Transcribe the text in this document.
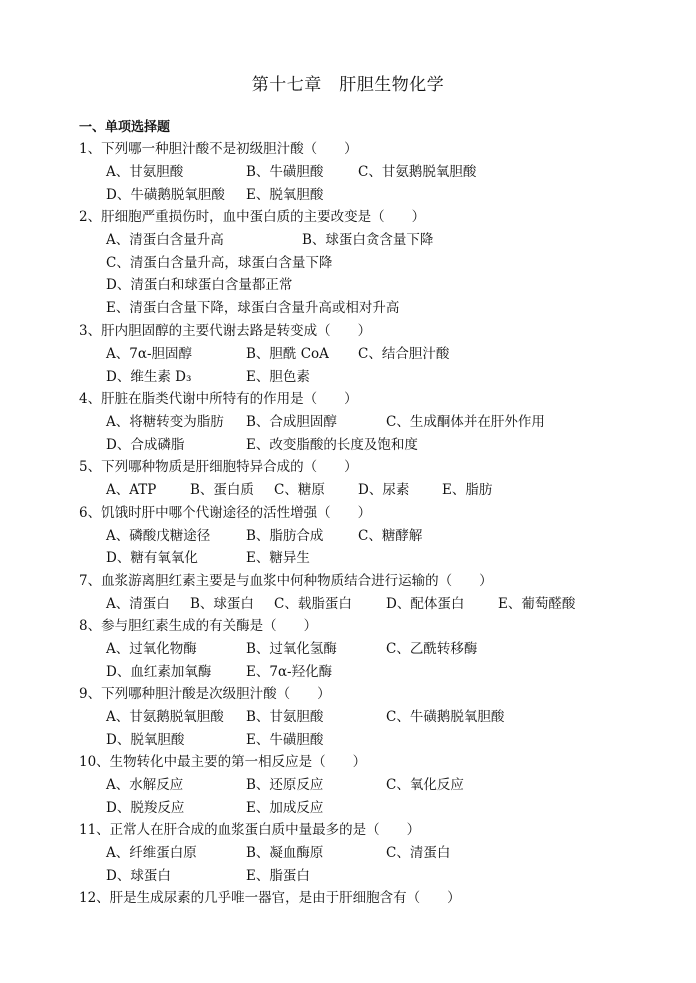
第十七章　肝胆生物化学
一、单项选择题
1、下列哪一种胆汁酸不是初级胆汁酸（　　）
A、甘氨胆酸	B、牛磺胆酸	C、甘氨鹅脱氧胆酸
D、牛磺鹅脱氧胆酸 E、脱氧胆酸
2、肝细胞严重损伤时，血中蛋白质的主要改变是（　　）
A、清蛋白含量升高	B、球蛋白贪含量下降
C、清蛋白含量升高，球蛋白含量下降
D、清蛋白和球蛋白含量都正常
E、清蛋白含量下降，球蛋白含量升高或相对升高
3、肝内胆固醇的主要代谢去路是转变成（　　）
A、7α-胆固醇	B、胆酰 CoA C、结合胆汁酸
D、维生素 D₃	E、胆色素
4、肝脏在脂类代谢中所特有的作用是（　　）
A、将糖转变为脂肪 B、合成胆固醇	C、生成酮体并在肝外作用
D、合成磷脂	E、改变脂酸的长度及饱和度
5、下列哪种物质是肝细胞特异合成的（　　）
A、ATP B、蛋白质 C、糖原 D、尿素 E、脂肪
6、饥饿时肝中哪个代谢途径的活性增强（　　）
A、磷酸戊糖途径	B、脂肪合成	C、糖酵解
D、糖有氧氧化	E、糖异生
7、血浆游离胆红素主要是与血浆中何种物质结合进行运输的（　　）
A、清蛋白 B、球蛋白 C、载脂蛋白	D、配体蛋白 E、葡萄醛酸
8、参与胆红素生成的有关酶是（　　）
A、过氧化物酶	B、过氧化氢酶	C、乙酰转移酶
D、血红素加氧酶	E、7α-羟化酶
9、下列哪种胆汁酸是次级胆汁酸（　　）
A、甘氨鹅脱氧胆酸 B、甘氨胆酸	C、牛磺鹅脱氧胆酸
D、脱氧胆酸	E、牛磺胆酸
10、生物转化中最主要的第一相反应是（　　）
A、水解反应	B、还原反应	C、氧化反应
D、脱羧反应	E、加成反应
11、正常人在肝合成的血浆蛋白质中量最多的是（　　）
A、纤维蛋白原	B、凝血酶原	C、清蛋白
D、球蛋白	E、脂蛋白
12、肝是生成尿素的几乎唯一器官，是由于肝细胞含有（　　）
